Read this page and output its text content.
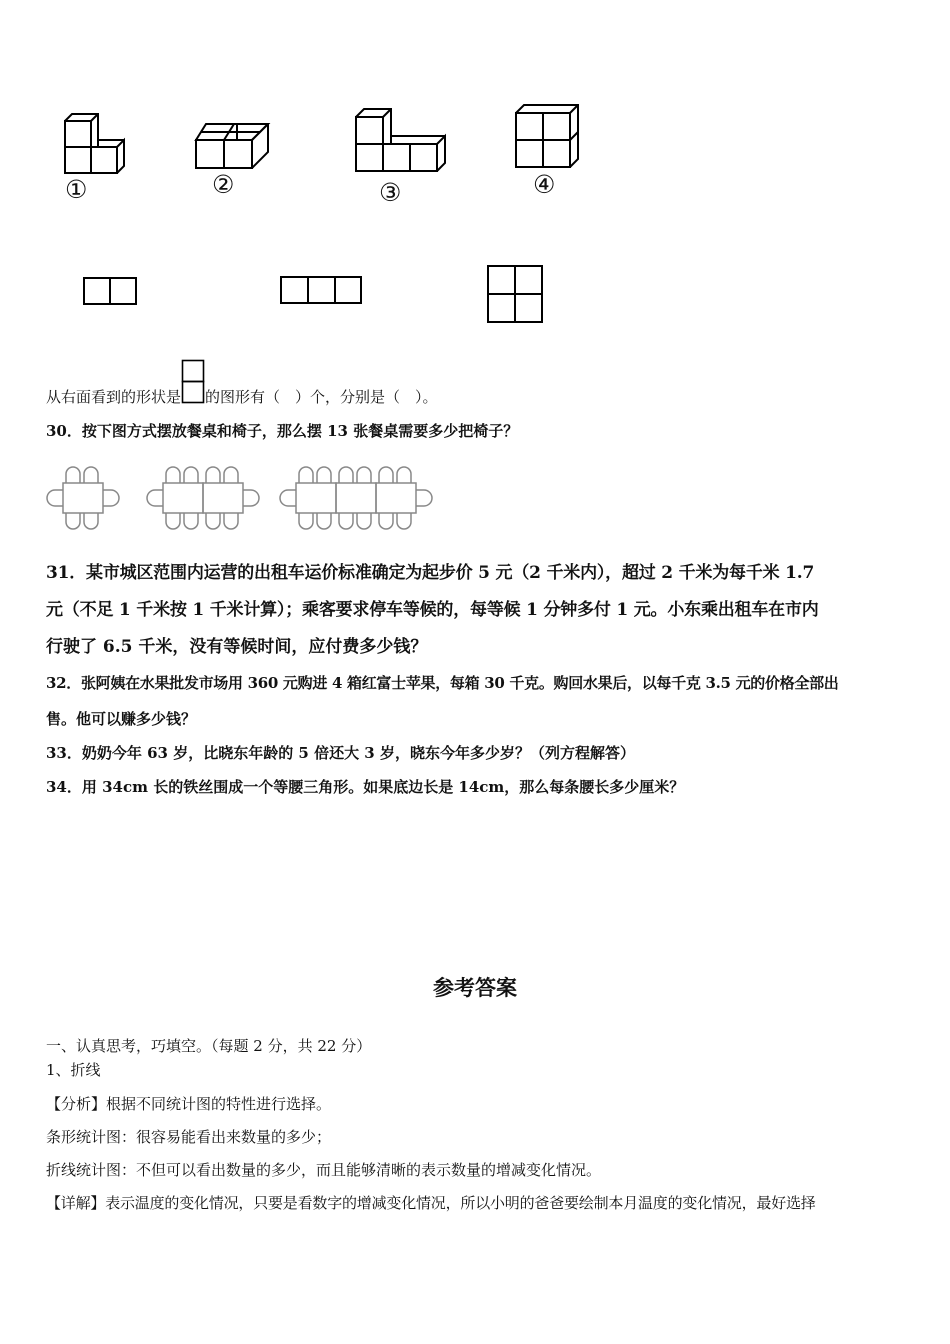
①	②	③	④
从右面看到的形状是 的图形有（　）个，分别是（　）。
30．按下图方式摆放餐桌和椅子，那么摆 13 张餐桌需要多少把椅子？
31．某市城区范围内运营的出租车运价标准确定为起步价 5 元（2 千米内），超过 2 千米为每千米 1.7
元（不足 1 千米按 1 千米计算）；乘客要求停车等候的，每等候 1 分钟多付 1 元。小东乘出租车在市内
行驶了 6.5 千米，没有等候时间，应付费多少钱？
32．张阿姨在水果批发市场用 360 元购进 4 箱红富士苹果，每箱 30 千克。购回水果后，以每千克 3.5 元的价格全部出
售。他可以赚多少钱？
33．奶奶今年 63 岁，比晓东年龄的 5 倍还大 3 岁，晓东今年多少岁？（列方程解答）
34．用 34cm 长的铁丝围成一个等腰三角形。如果底边长是 14cm，那么每条腰长多少厘米？
参考答案
一、认真思考，巧填空。（每题 2 分，共 22 分）
1、折线
【分析】根据不同统计图的特性进行选择。
条形统计图：很容易能看出来数量的多少；
折线统计图：不但可以看出数量的多少，而且能够清晰的表示数量的增减变化情况。
【详解】表示温度的变化情况，只要是看数字的增减变化情况，所以小明的爸爸要绘制本月温度的变化情况，最好选择
